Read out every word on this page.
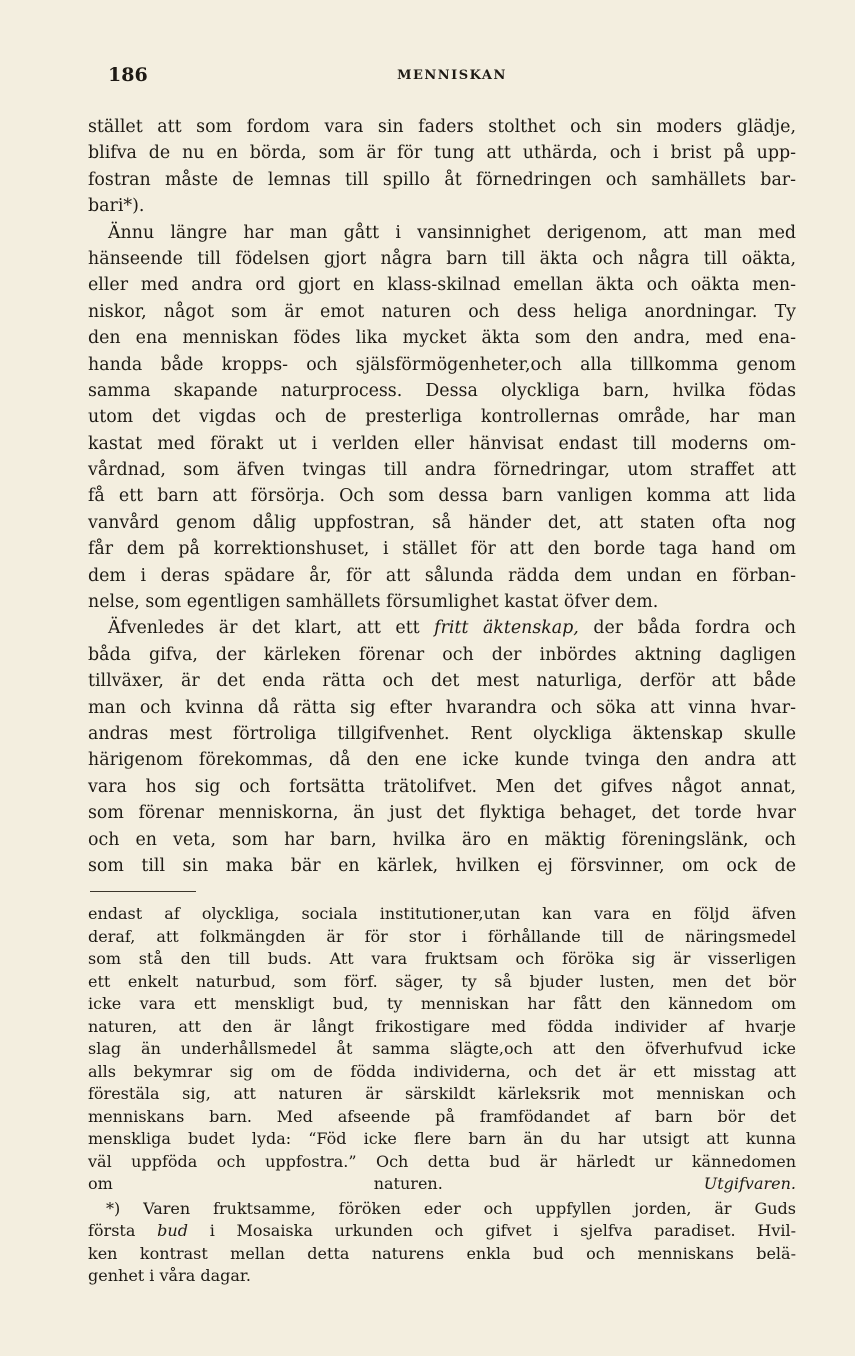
186	MENNISKAN
stället att som fordom vara sin faders stolthet och sin moders glädje,
blifva de nu en börda, som är för tung att uthärda, och i brist på upp-
fostran måste de lemnas till spillo åt förnedringen och samhällets bar-
bari*).
Ännu längre har man gått i vansinnighet derigenom, att man med
hänseende till födelsen gjort några barn till äkta och några till oäkta,
eller med andra ord gjort en klass-skilnad emellan äkta och oäkta men-
niskor, något som är emot naturen och dess heliga anordningar. Ty
den ena menniskan födes lika mycket äkta som den andra, med ena-
handa både kropps- och själsförmögenheter,och alla tillkomma genom
samma skapande naturprocess. Dessa olyckliga barn, hvilka födas
utom det vigdas och de presterliga kontrollernas område, har man
kastat med förakt ut i verlden eller hänvisat endast till moderns om-
vårdnad, som äfven tvingas till andra förnedringar, utom straffet att
få ett barn att försörja. Och som dessa barn vanligen komma att lida
vanvård genom dålig uppfostran, så händer det, att staten ofta nog
får dem på korrektionshuset, i stället för att den borde taga hand om
dem i deras spädare år, för att sålunda rädda dem undan en förban-
nelse, som egentligen samhällets försumlighet kastat öfver dem.
Äfvenledes är det klart, att ett fritt äktenskap, der båda fordra och
båda gifva, der kärleken förenar och der inbördes aktning dagligen
tillväxer, är det enda rätta och det mest naturliga, derför att både
man och kvinna då rätta sig efter hvarandra och söka att vinna hvar-
andras mest förtroliga tillgifvenhet. Rent olyckliga äktenskap skulle
härigenom förekommas, då den ene icke kunde tvinga den andra att
vara hos sig och fortsätta trätolifvet. Men det gifves något annat,
som förenar menniskorna, än just det flyktiga behaget, det torde hvar
och en veta, som har barn, hvilka äro en mäktig föreningslänk, och
som till sin maka bär en kärlek, hvilken ej försvinner, om ock de
endast af olyckliga, sociala institutioner,utan kan vara en följd äfven
deraf, att folkmängden är för stor i förhållande till de näringsmedel
som stå den till buds. Att vara fruktsam och föröka sig är visserligen
ett enkelt naturbud, som förf. säger, ty så bjuder lusten, men det bör
icke vara ett menskligt bud, ty menniskan har fått den kännedom om
naturen, att den är långt frikostigare med födda individer af hvarje
slag än underhållsmedel åt samma slägte,och att den öfverhufvud icke
alls bekymrar sig om de födda individerna, och det är ett misstag att
förestäla sig, att naturen är särskildt kärleksrik mot menniskan och
menniskans barn. Med afseende på framfödandet af barn bör det
menskliga budet lyda: “Föd icke flere barn än du har utsigt att kunna
väl uppföda och uppfostra.” Och detta bud är härledt ur kännedomen
om naturen.	Utgifvaren.
*) Varen fruktsamme, föröken eder och uppfyllen jorden, är Guds
första bud i Mosaiska urkunden och gifvet i sjelfva paradiset. Hvil-
ken kontrast mellan detta naturens enkla bud och menniskans belä-
genhet i våra dagar.
